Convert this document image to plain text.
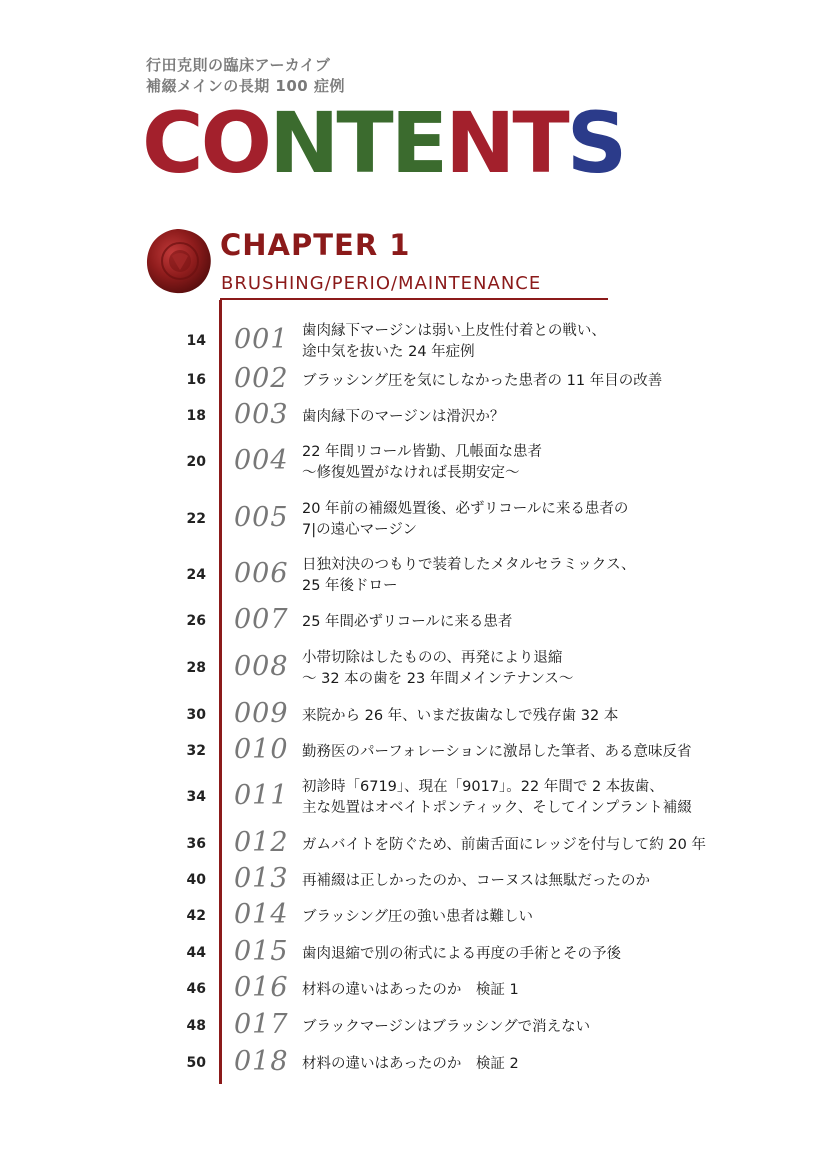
行田克則の臨床アーカイブ
補綴メインの長期 100 症例
C O N T E N T S
CHAPTER 1
BRUSHING/PERIO/MAINTENANCE
14 001 歯肉縁下マージンは弱い上皮性付着との戦い、
途中気を抜いた 24 年症例
16 002 ブラッシング圧を気にしなかった患者の 11 年目の改善
18 003 歯肉縁下のマージンは滑沢か？
20 004 22 年間リコール皆勤、几帳面な患者
～修復処置がなければ長期安定～
22 005 20 年前の補綴処置後、必ずリコールに来る患者の
7|の遠心マージン
24 006 日独対決のつもりで装着したメタルセラミックス、
25 年後ドロー
26 007 25 年間必ずリコールに来る患者
28 008 小帯切除はしたものの、再発により退縮
～ 32 本の歯を 23 年間メインテナンス～
30 009 来院から 26 年、いまだ抜歯なしで残存歯 32 本
32 010 勤務医のパーフォレーションに激昂した筆者、ある意味反省
34 011 初診時「6719」、現在「9017」。22 年間で 2 本抜歯、
主な処置はオベイトポンティック、そしてインプラント補綴
36 012 ガムバイトを防ぐため、前歯舌面にレッジを付与して約 20 年
40 013 再補綴は正しかったのか、コーヌスは無駄だったのか
42 014 ブラッシング圧の強い患者は難しい
44 015 歯肉退縮で別の術式による再度の手術とその予後
46 016 材料の違いはあったのか　検証 1
48 017 ブラックマージンはブラッシングで消えない
50 018 材料の違いはあったのか　検証 2
